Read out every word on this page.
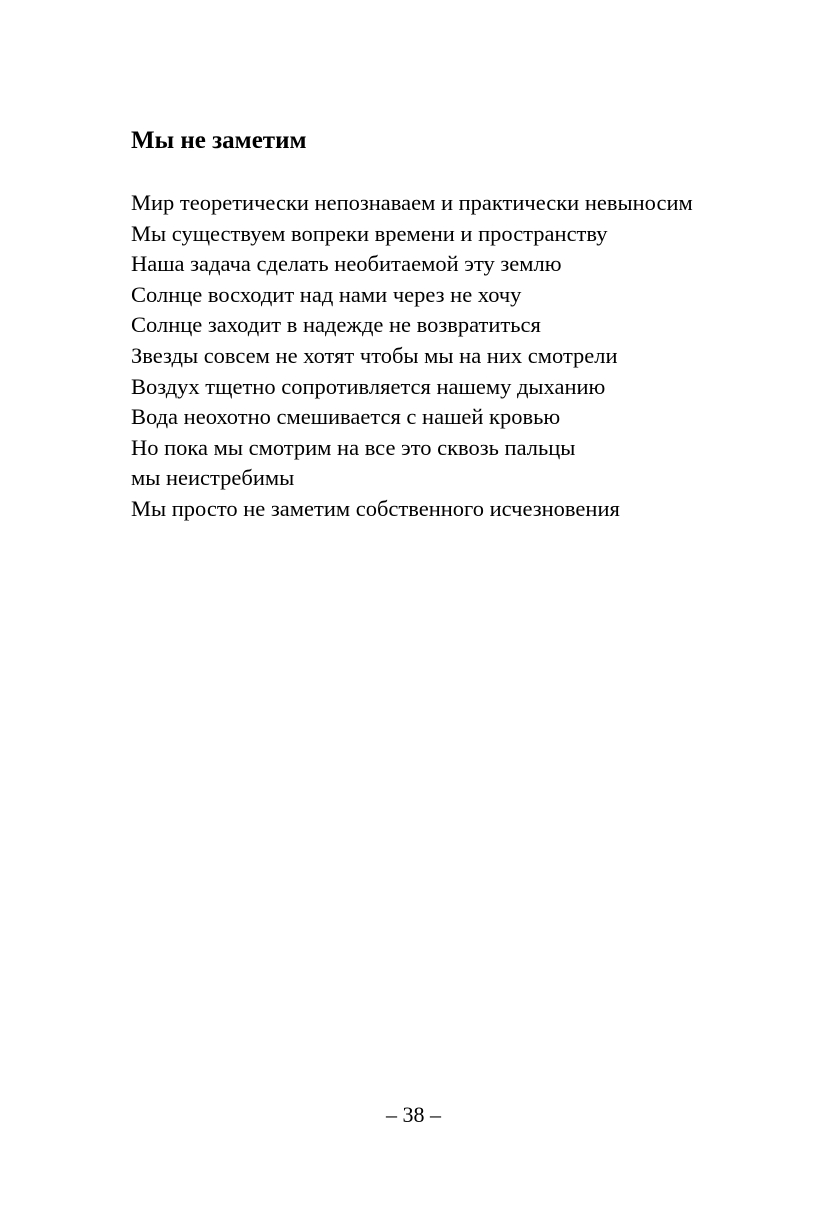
Мы не заметим
Мир теоретически непознаваем и практически невыносим
Мы существуем вопреки времени и пространству
Наша задача сделать необитаемой эту землю
Солнце восходит над нами через не хочу
Солнце заходит в надежде не возвратиться
Звезды совсем не хотят чтобы мы на них смотрели
Воздух тщетно сопротивляется нашему дыханию
Вода неохотно смешивается с нашей кровью
Но пока мы смотрим на все это сквозь пальцы
мы неистребимы
Мы просто не заметим собственного исчезновения
– 38 –
